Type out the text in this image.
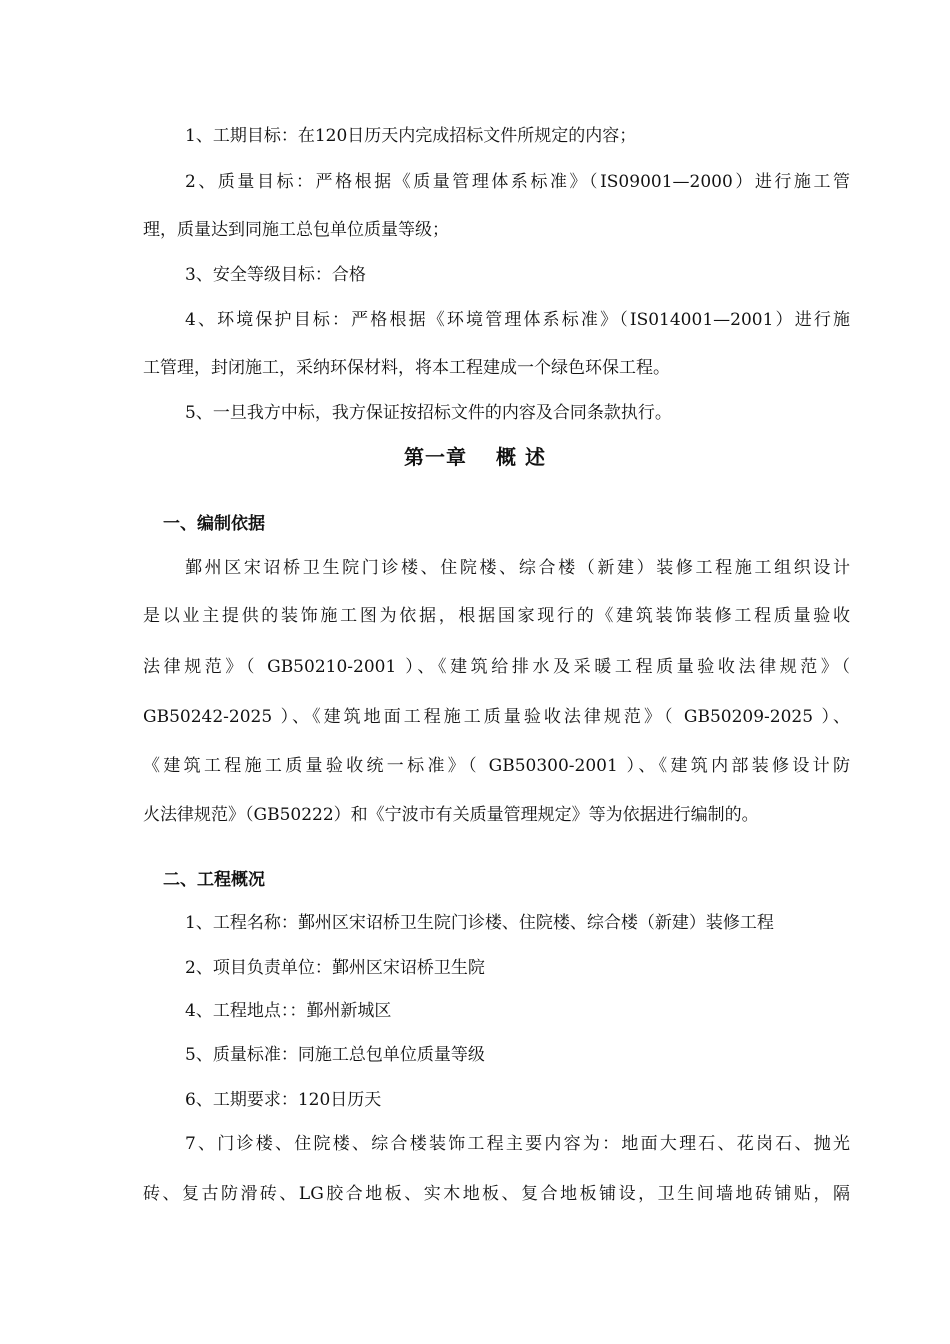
1、工期目标：在120日历天内完成招标文件所规定的内容；
2、质量目标：严格根据《质量管理体系标准》（IS09001—2000）进行施工管
理，质量达到同施工总包单位质量等级；
3、安全等级目标：合格
4、环境保护目标：严格根据《环境管理体系标准》（IS014001—2001）进行施
工管理，封闭施工，采纳环保材料，将本工程建成一个绿色环保工程。
5、一旦我方中标，我方保证按招标文件的内容及合同条款执行。
第一章　 概 述
一、编制依据
鄞州区宋诏桥卫生院门诊楼、住院楼、综合楼（新建）装修工程施工组织设计
是以业主提供的装饰施工图为依据，根据国家现行的《建筑装饰装修工程质量验收
法律规范》（ GB50210-2001 ）、《建筑给排水及采暖工程质量验收法律规范》（
GB50242-2025 ）、《建筑地面工程施工质量验收法律规范》（ GB50209-2025 ）、
《建筑工程施工质量验收统一标准》（ GB50300-2001 ）、《建筑内部装修设计防
火法律规范》（GB50222）和《宁波市有关质量管理规定》等为依据进行编制的。
二、工程概况
1、工程名称：鄞州区宋诏桥卫生院门诊楼、住院楼、综合楼（新建）装修工程
2、项目负责单位：鄞州区宋诏桥卫生院
4、工程地点：：鄞州新城区
5、质量标准：同施工总包单位质量等级
6、工期要求：120日历天
7、门诊楼、住院楼、综合楼装饰工程主要内容为：地面大理石、花岗石、抛光
砖、复古防滑砖、LG胶合地板、实木地板、复合地板铺设，卫生间墙地砖铺贴，隔
